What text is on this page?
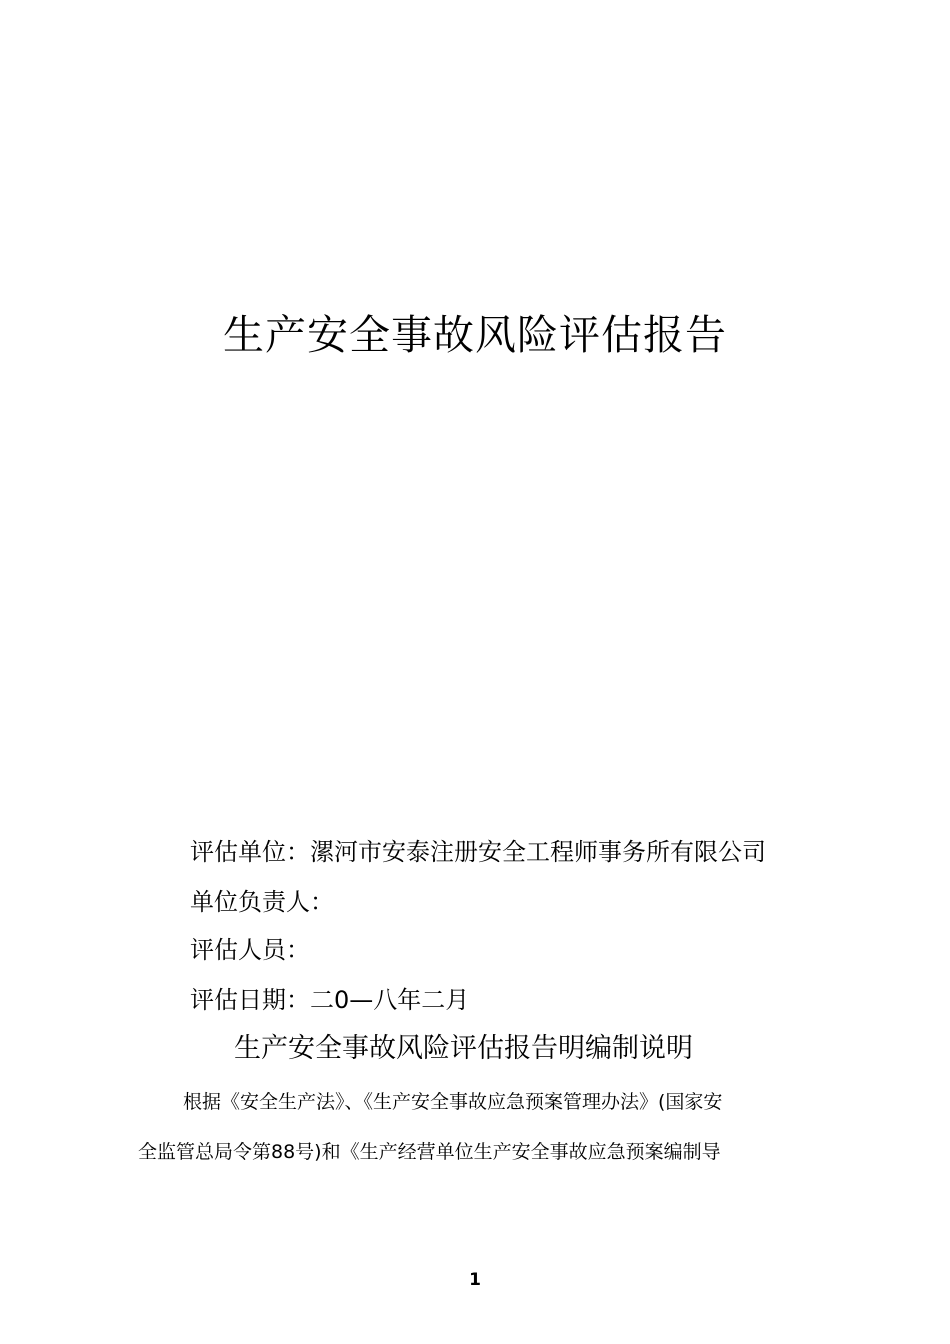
生产安全事故风险评估报告
评估单位：漯河市安泰注册安全工程师事务所有限公司
单位负责人：
评估人员：
评估日期：二0—八年二月
生产安全事故风险评估报告明编制说明
根据《安全生产法》、《生产安全事故应急预案管理办法》(国家安
全监管总局令第88号)和《生产经营单位生产安全事故应急预案编制导
1
